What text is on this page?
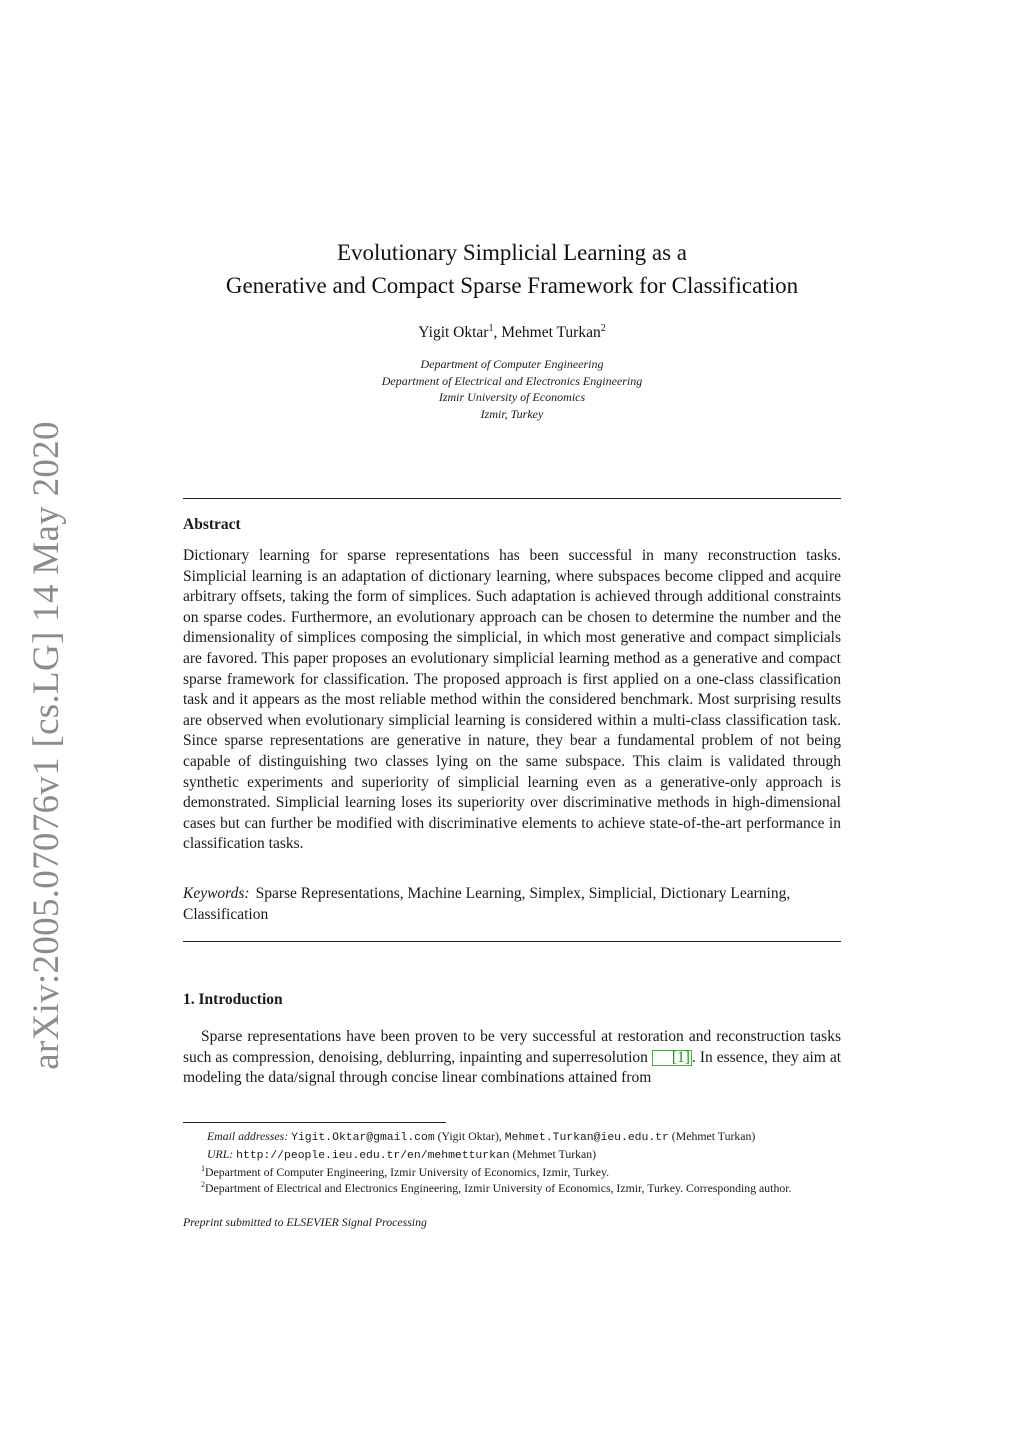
arXiv:2005.07076v1 [cs.LG] 14 May 2020
Evolutionary Simplicial Learning as a
Generative and Compact Sparse Framework for Classification
Yigit Oktar$^1$, Mehmet Turkan$^2$
Department of Computer Engineering
Department of Electrical and Electronics Engineering
Izmir University of Economics
Izmir, Turkey
Abstract

Dictionary learning for sparse representations has been successful in many reconstruction tasks. Simplicial learning is an adaptation of dictionary learning, where subspaces become clipped and acquire arbitrary offsets, taking the form of simplices. Such adaptation is achieved through additional constraints on sparse codes. Furthermore, an evolutionary approach can be chosen to determine the number and the dimensionality of simplices composing the simplicial, in which most generative and compact simplicials are favored. This paper proposes an evolutionary simplicial learning method as a generative and compact sparse framework for classification. The proposed approach is first applied on a one-class classification task and it appears as the most reliable method within the considered benchmark. Most surprising results are observed when evolutionary simplicial learning is considered within a multi-class classification task. Since sparse representations are generative in nature, they bear a fundamental problem of not being capable of distinguishing two classes lying on the same subspace. This claim is validated through synthetic experiments and superiority of simplicial learning even as a generative-only approach is demonstrated. Simplicial learning loses its superiority over discriminative methods in high-dimensional cases but can further be modified with discriminative elements to achieve state-of-the-art performance in classification tasks.

Keywords: Sparse Representations, Machine Learning, Simplex, Simplicial, Dictionary Learning, Classification
1. Introduction

Sparse representations have been proven to be very successful at restoration and reconstruction tasks such as compression, denoising, deblurring, inpainting and superresolution [1] . In essence, they aim at modeling the data/signal through concise linear combinations attained from

Email addresses: Yigit.Oktar@gmail.com (Yigit Oktar), Mehmet.Turkan@ieu.edu.tr (Mehmet Turkan)
URL: http://people.ieu.edu.tr/en/mehmetturkan (Mehmet Turkan)
$^1$Department of Computer Engineering, Izmir University of Economics, Izmir, Turkey.
$^2$Department of Electrical and Electronics Engineering, Izmir University of Economics, Izmir, Turkey. Corresponding author.
Preprint submitted to ELSEVIER Signal Processing
